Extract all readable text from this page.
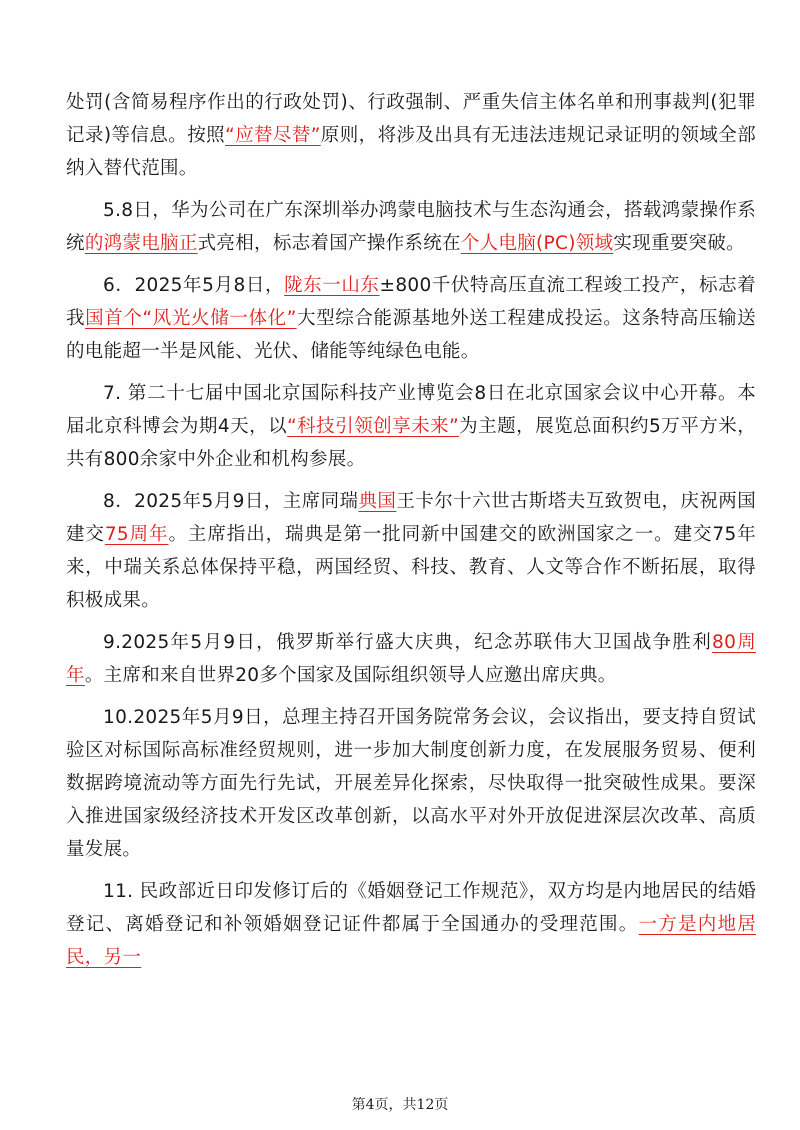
处罚(含简易程序作出的行政处罚)、行政强制、严重失信主体名单和刑事裁判(犯罪记录)等信息。按照“应替尽替”原则，将涉及出具有无违法违规记录证明的领域全部纳入替代范围。

5.8日，华为公司在广东深圳举办鸿蒙电脑技术与生态沟通会，搭载鸿蒙操作系统的鸿蒙电脑正式亮相，标志着国产操作系统在个人电脑(PC)领域实现重要突破。

6．2025年5月8日，陇东一山东±800千伏特高压直流工程竣工投产，标志着我国首个“风光火储一体化”大型综合能源基地外送工程建成投运。这条特高压输送的电能超一半是风能、光伏、储能等纯绿色电能。

7. 第二十七届中国北京国际科技产业博览会8日在北京国家会议中心开幕。本届北京科博会为期4天，以“科技引领创享未来”为主题，展览总面积约5万平方米，共有800余家中外企业和机构参展。

8．2025年5月9日，主席同瑞典国王卡尔十六世古斯塔夫互致贺电，庆祝两国建交75周年。主席指出，瑞典是第一批同新中国建交的欧洲国家之一。建交75年来，中瑞关系总体保持平稳，两国经贸、科技、教育、人文等合作不断拓展，取得积极成果。

9.2025年5月9日，俄罗斯举行盛大庆典，纪念苏联伟大卫国战争胜利80周年。主席和来自世界20多个国家及国际组织领导人应邀出席庆典。

10.2025年5月9日，总理主持召开国务院常务会议，会议指出，要支持自贸试验区对标国际高标准经贸规则，进一步加大制度创新力度，在发展服务贸易、便利数据跨境流动等方面先行先试，开展差异化探索，尽快取得一批突破性成果。要深入推进国家级经济技术开发区改革创新，以高水平对外开放促进深层次改革、高质量发展。

11. 民政部近日印发修订后的《婚姻登记工作规范》，双方均是内地居民的结婚登记、离婚登记和补领婚姻登记证件都属于全国通办的受理范围。一方是内地居民，另一

第4页，共12页
